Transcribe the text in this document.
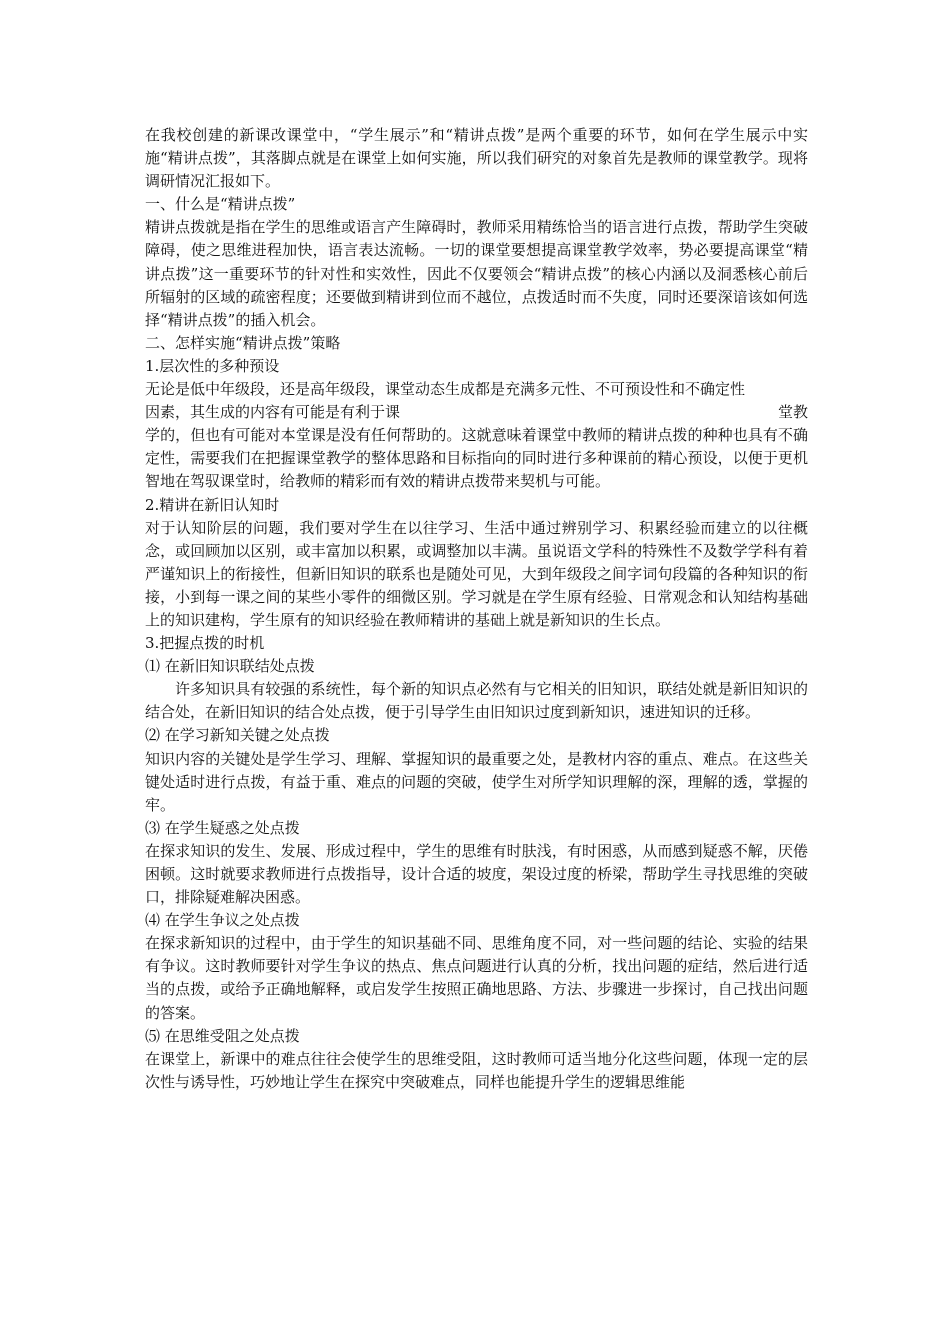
在我校创建的新课改课堂中，“学生展示”和“精讲点拨”是两个重要的环节，如何在学生展示中实施“精讲点拨”，其落脚点就是在课堂上如何实施，所以我们研究的对象首先是教师的课堂教学。现将调研情况汇报如下。

一、什么是“精讲点拨”

精讲点拨就是指在学生的思维或语言产生障碍时，教师采用精练恰当的语言进行点拨，帮助学生突破障碍，使之思维进程加快，语言表达流畅。一切的课堂要想提高课堂教学效率，势必要提高课堂“精讲点拨”这一重要环节的针对性和实效性，因此不仅要领会“精讲点拨”的核心内涵以及洞悉核心前后所辐射的区域的疏密程度；还要做到精讲到位而不越位，点拨适时而不失度，同时还要深谙该如何选择“精讲点拨”的插入机会。

二、怎样实施“精讲点拨”策略

1.层次性的多种预设

无论是低中年级段，还是高年级段，课堂动态生成都是充满多元性、不可预设性和不确定性

因素，其生成的内容有可能是有利于课	堂教

学的，但也有可能对本堂课是没有任何帮助的。这就意味着课堂中教师的精讲点拨的种种也具有不确定性，需要我们在把握课堂教学的整体思路和目标指向的同时进行多种课前的精心预设，以便于更机智地在驾驭课堂时，给教师的精彩而有效的精讲点拨带来契机与可能。

2.精讲在新旧认知时

对于认知阶层的问题，我们要对学生在以往学习、生活中通过辨别学习、积累经验而建立的以往概念，或回顾加以区别，或丰富加以积累，或调整加以丰满。虽说语文学科的特殊性不及数学学科有着严谨知识上的衔接性，但新旧知识的联系也是随处可见，大到年级段之间字词句段篇的各种知识的衔接，小到每一课之间的某些小零件的细微区别。学习就是在学生原有经验、日常观念和认知结构基础上的知识建构，学生原有的知识经验在教师精讲的基础上就是新知识的生长点。

3.把握点拨的时机

⑴ 在新旧知识联结处点拨

许多知识具有较强的系统性，每个新的知识点必然有与它相关的旧知识，联结处就是新旧知识的结合处，在新旧知识的结合处点拨，便于引导学生由旧知识过度到新知识，速进知识的迁移。

⑵ 在学习新知关键之处点拨

知识内容的关键处是学生学习、理解、掌握知识的最重要之处，是教材内容的重点、难点。在这些关键处适时进行点拨，有益于重、难点的问题的突破，使学生对所学知识理解的深，理解的透，掌握的牢。

⑶ 在学生疑惑之处点拨

在探求知识的发生、发展、形成过程中，学生的思维有时肤浅，有时困惑，从而感到疑惑不解，厌倦困顿。这时就要求教师进行点拨指导，设计合适的坡度，架设过度的桥梁，帮助学生寻找思维的突破口，排除疑难解决困惑。

⑷ 在学生争议之处点拨

在探求新知识的过程中，由于学生的知识基础不同、思维角度不同，对一些问题的结论、实验的结果有争议。这时教师要针对学生争议的热点、焦点问题进行认真的分析，找出问题的症结，然后进行适当的点拨，或给予正确地解释，或启发学生按照正确地思路、方法、步骤进一步探讨，自己找出问题的答案。

⑸ 在思维受阻之处点拨

在课堂上，新课中的难点往往会使学生的思维受阻，这时教师可适当地分化这些问题，体现一定的层次性与诱导性，巧妙地让学生在探究中突破难点，同样也能提升学生的逻辑思维能
